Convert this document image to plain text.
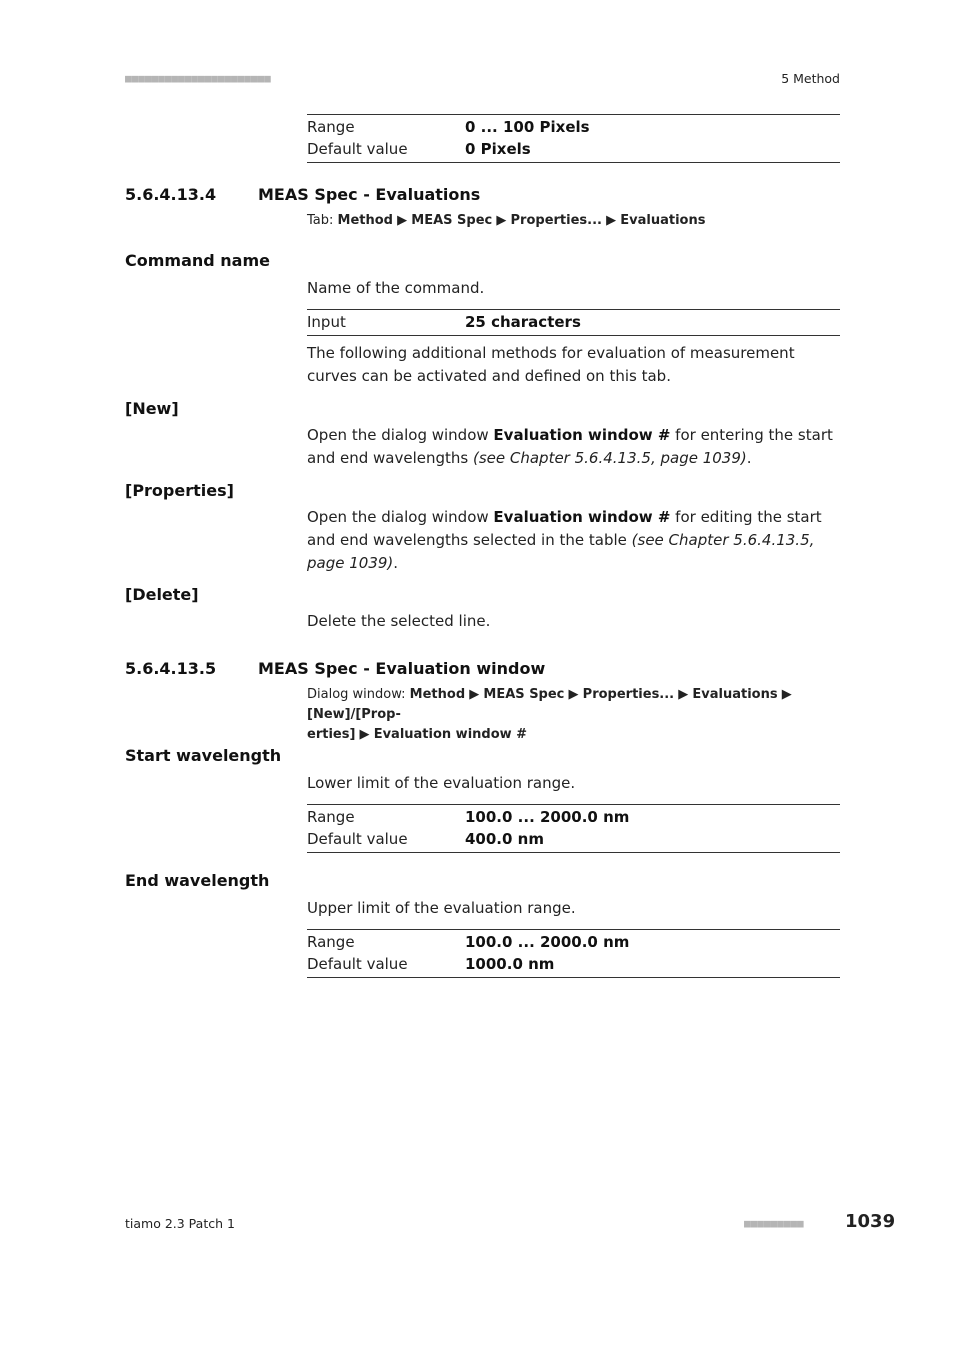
■■■■■■■■■■■■■■■■■■■■■■	5 Method
Range	0 ... 100 Pixels
Default value	0 Pixels
5.6.4.13.4	MEAS Spec - Evaluations
Tab: Method ▶ MEAS Spec ▶ Properties... ▶ Evaluations
Command name
Name of the command.
Input	25 characters
The following additional methods for evaluation of measurement curves can be activated and defined on this tab.
[New]
Open the dialog window Evaluation window # for entering the start and end wavelengths (see Chapter 5.6.4.13.5, page 1039).
[Properties]
Open the dialog window Evaluation window # for editing the start and end wavelengths selected in the table (see Chapter 5.6.4.13.5, page 1039).
[Delete]
Delete the selected line.
5.6.4.13.5	MEAS Spec - Evaluation window
Dialog window: Method ▶ MEAS Spec ▶ Properties... ▶ Evaluations ▶ [New]/[Prop-
erties] ▶ Evaluation window #
Start wavelength
Lower limit of the evaluation range.
Range	100.0 ... 2000.0 nm
Default value	400.0 nm
End wavelength
Upper limit of the evaluation range.
Range	100.0 ... 2000.0 nm
Default value	1000.0 nm
tiamo 2.3 Patch 1	■■■■■■■■■ 1039
